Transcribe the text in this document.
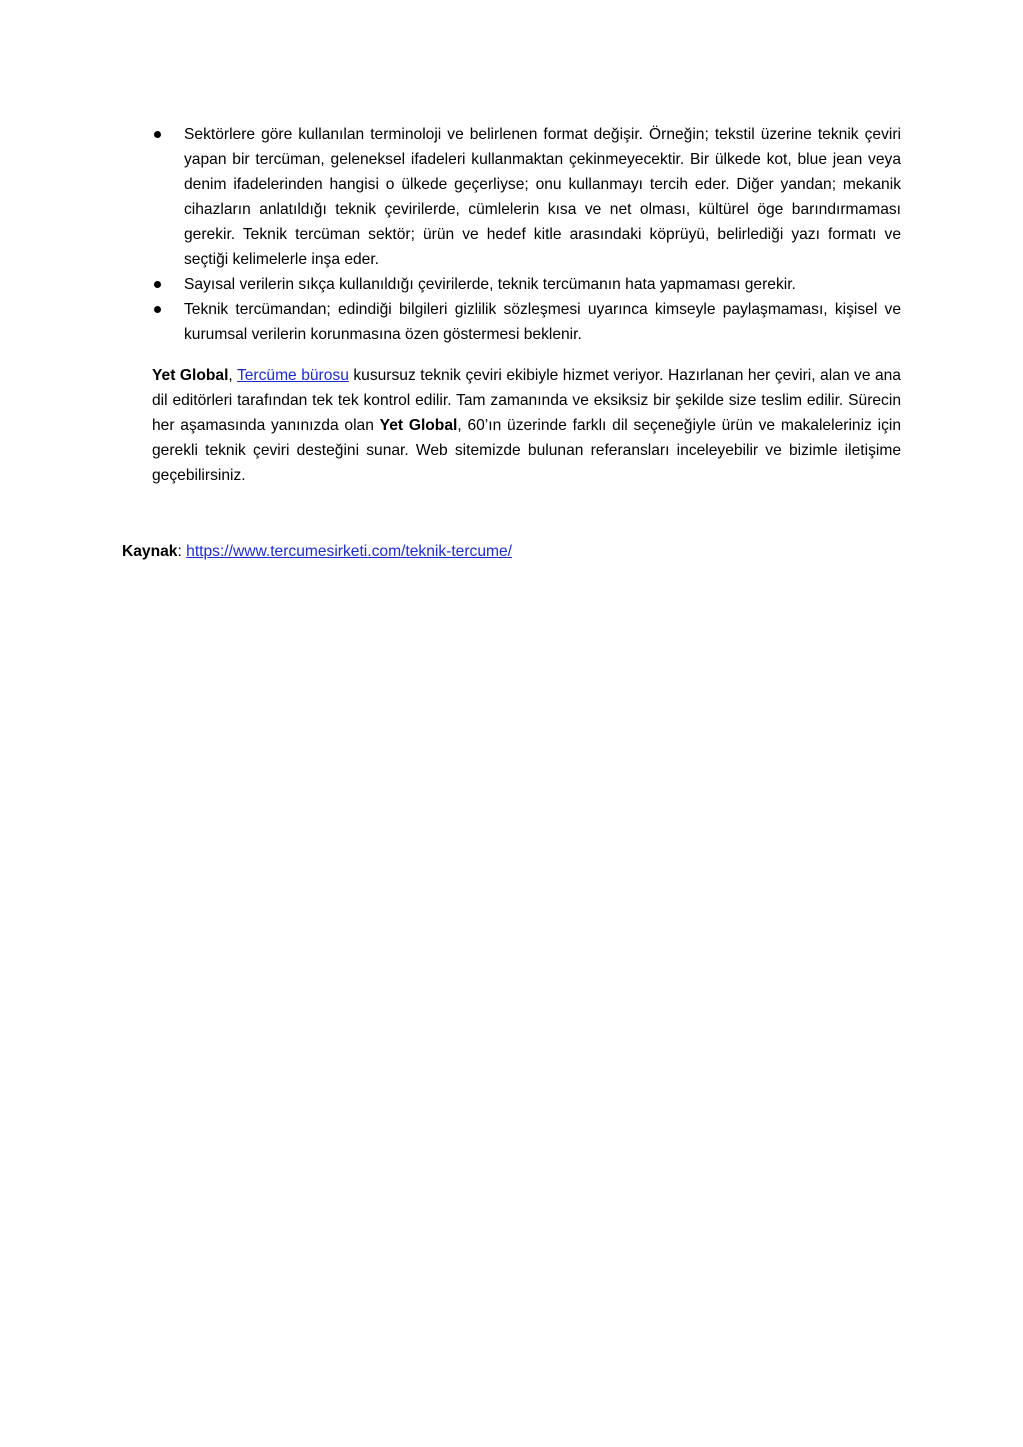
Sektörlere göre kullanılan terminoloji ve belirlenen format değişir. Örneğin; tekstil üzerine teknik çeviri yapan bir tercüman, geleneksel ifadeleri kullanmaktan çekinmeyecektir. Bir ülkede kot, blue jean veya denim ifadelerinden hangisi o ülkede geçerliyse; onu kullanmayı tercih eder. Diğer yandan; mekanik cihazların anlatıldığı teknik çevirilerde, cümlelerin kısa ve net olması, kültürel öge barındırmaması gerekir. Teknik tercüman sektör; ürün ve hedef kitle arasındaki köprüyü, belirlediği yazı formatı ve seçtiği kelimelerle inşa eder.
Sayısal verilerin sıkça kullanıldığı çevirilerde, teknik tercümanın hata yapmaması gerekir.
Teknik tercümandan; edindiği bilgileri gizlilik sözleşmesi uyarınca kimseyle paylaşmaması, kişisel ve kurumsal verilerin korunmasına özen göstermesi beklenir.

Yet Global, Tercüme bürosu kusursuz teknik çeviri ekibiyle hizmet veriyor. Hazırlanan her çeviri, alan ve ana dil editörleri tarafından tek tek kontrol edilir. Tam zamanında ve eksiksiz bir şekilde size teslim edilir. Sürecin her aşamasında yanınızda olan Yet Global, 60’ın üzerinde farklı dil seçeneğiyle ürün ve makaleleriniz için gerekli teknik çeviri desteğini sunar. Web sitemizde bulunan referansları inceleyebilir ve bizimle iletişime geçebilirsiniz.

Kaynak: https://www.tercumesirketi.com/teknik-tercume/
